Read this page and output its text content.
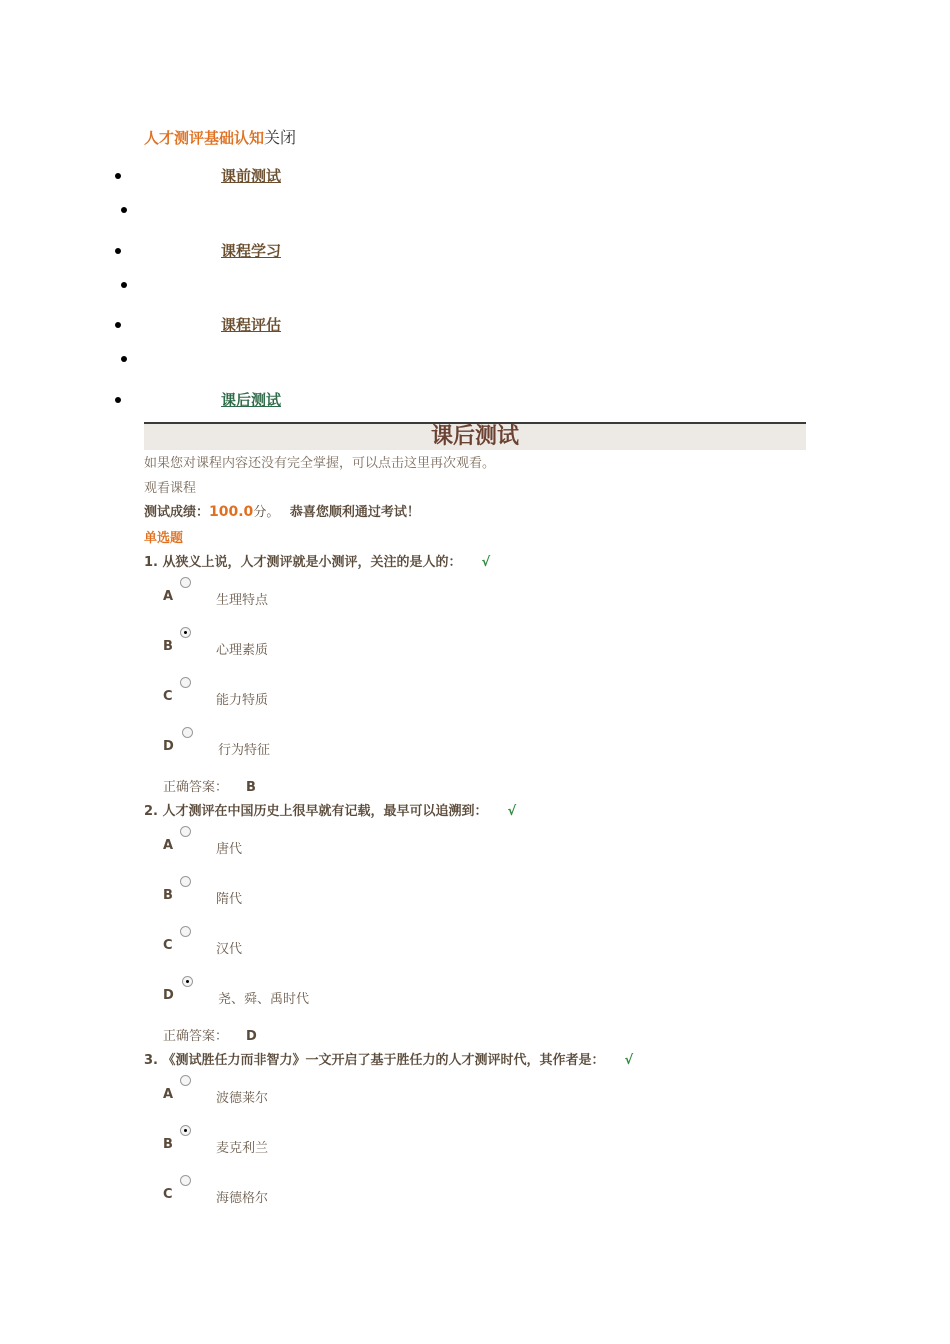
人才测评基础认知关闭
课前测试
课程学习
课程评估
课后测试
课后测试
如果您对课程内容还没有完全掌握，可以点击这里再次观看。
观看课程
测试成绩：100.0分。 恭喜您顺利通过考试！
单选题
1. 从狭义上说，人才测评就是小测评，关注的是人的： √
A	生理特点
B	心理素质
C	能力特质
D	行为特征
正确答案： B
2. 人才测评在中国历史上很早就有记载，最早可以追溯到： √
A	唐代
B	隋代
C	汉代
D	尧、舜、禹时代
正确答案： D
3. 《测试胜任力而非智力》一文开启了基于胜任力的人才测评时代，其作者是： √
A	波德莱尔
B	麦克利兰
C	海德格尔
